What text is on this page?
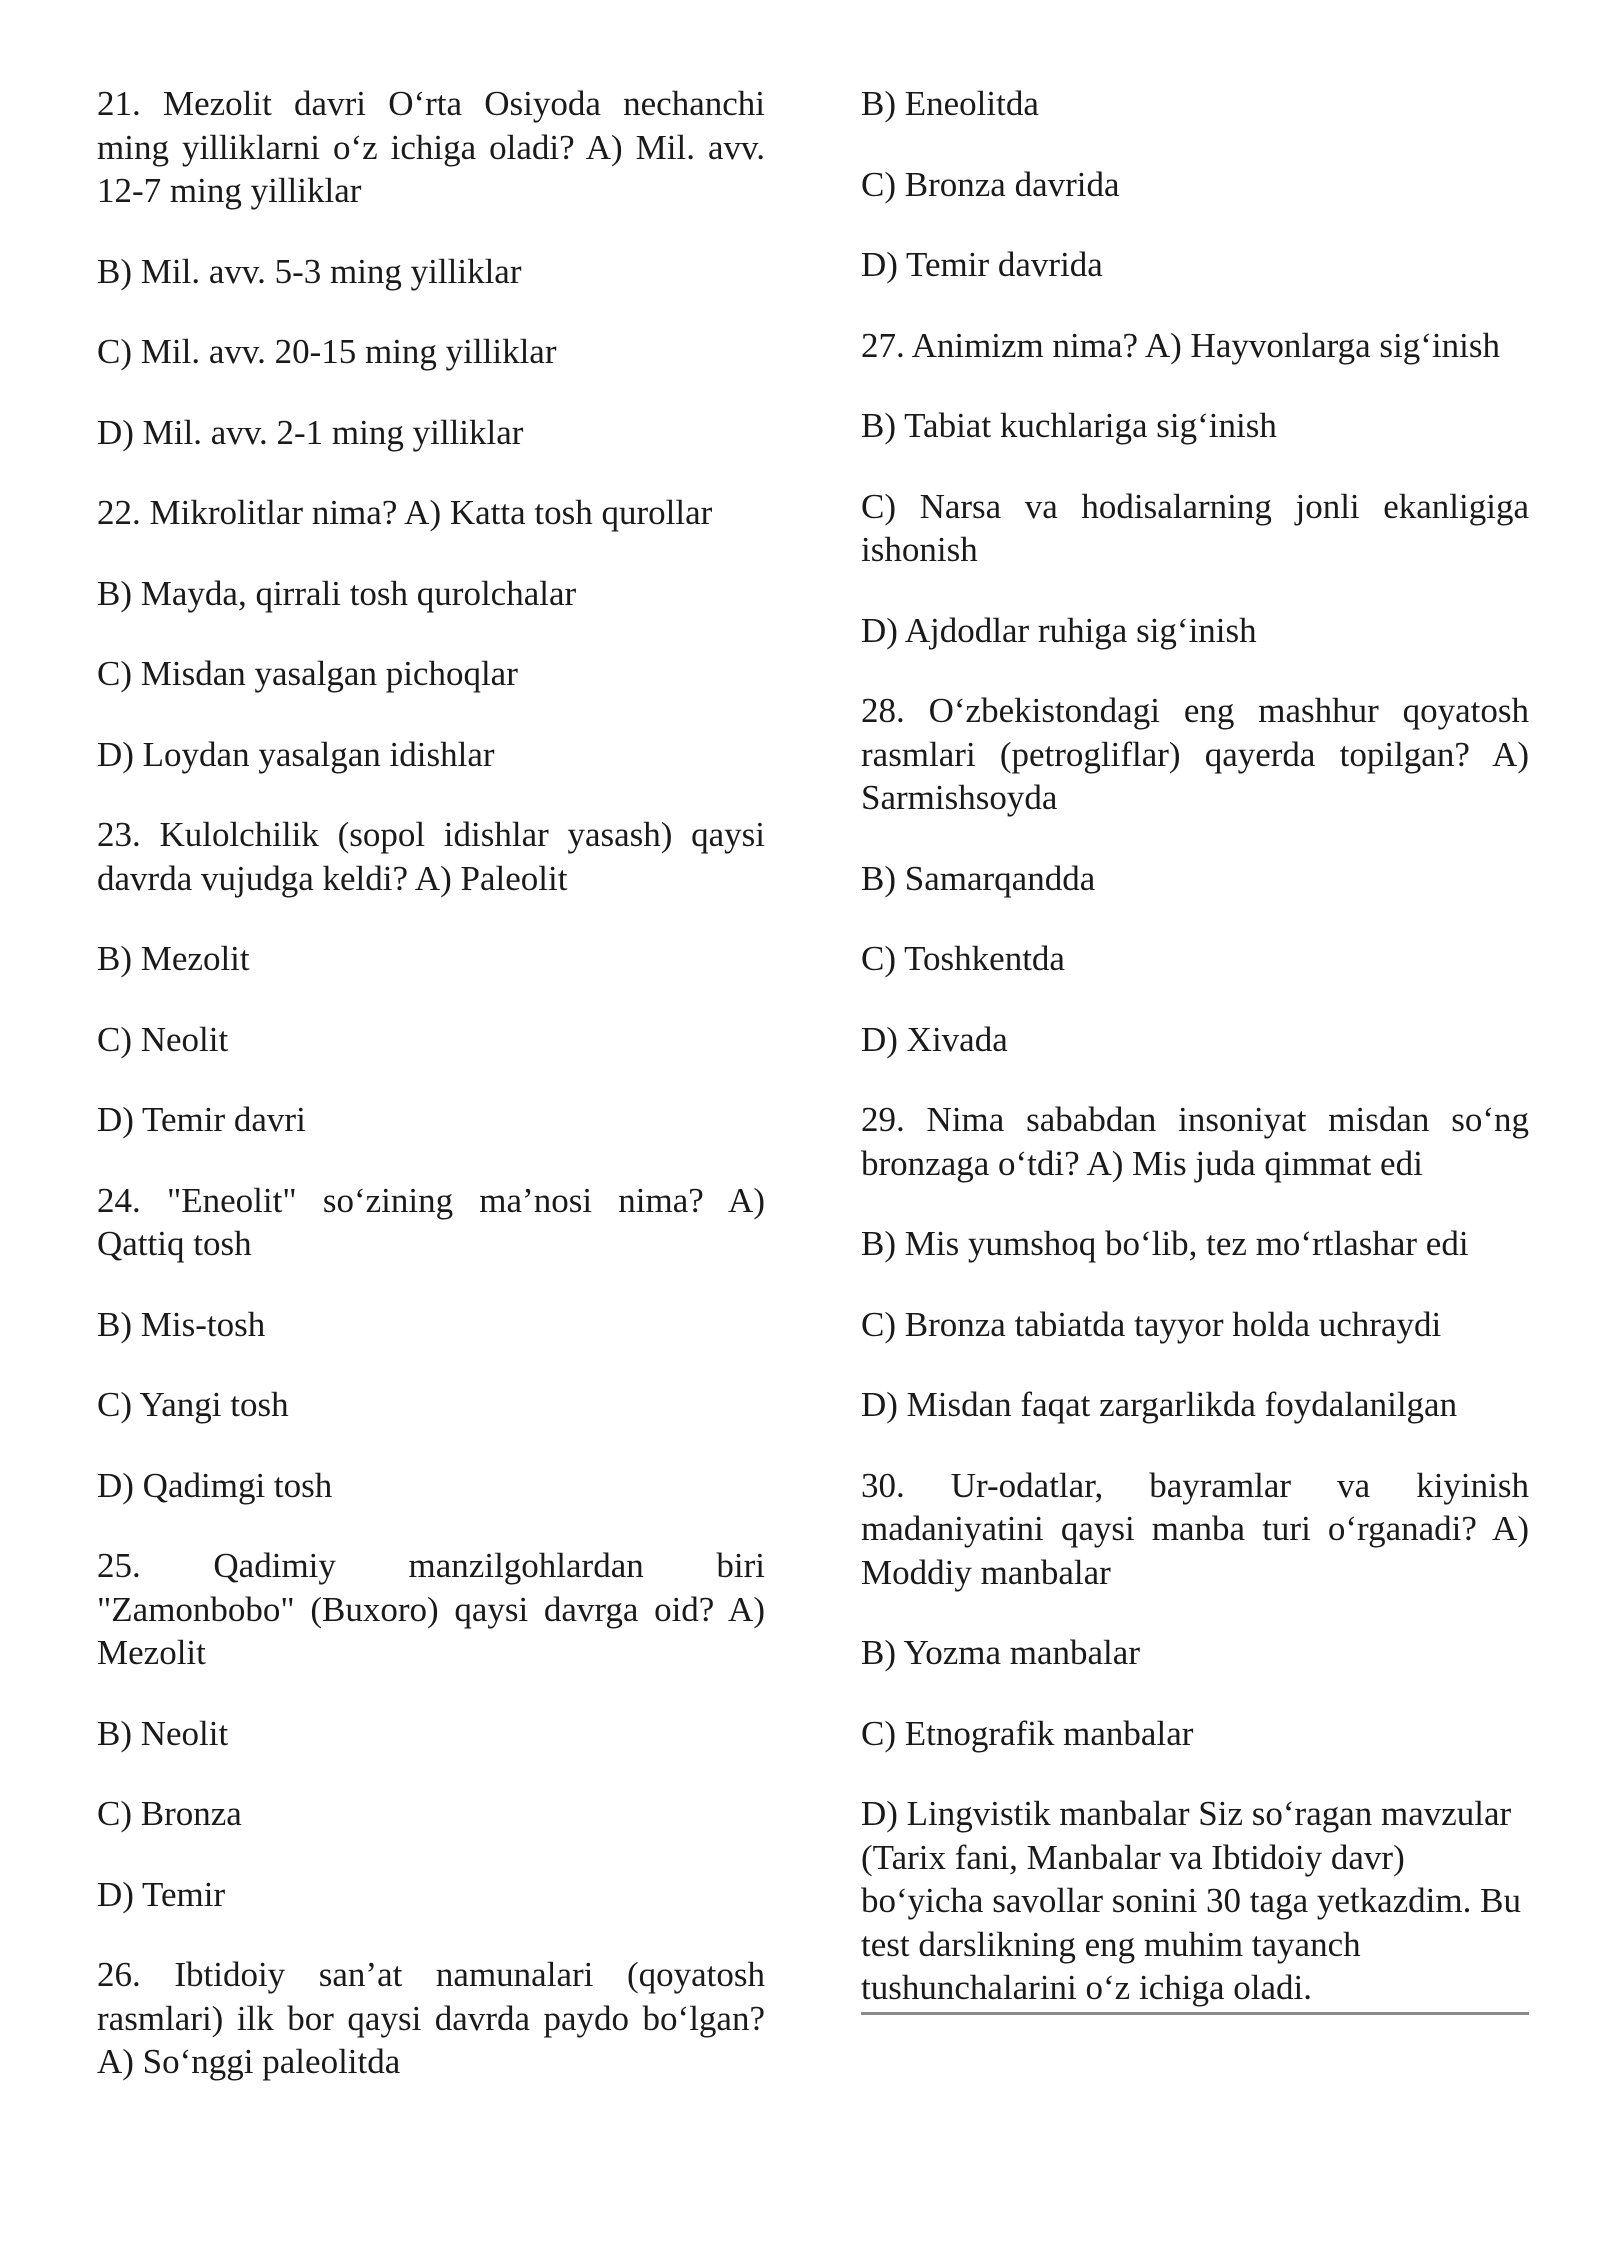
21. Mezolit davri O‘rta Osiyoda nechanchi ming yilliklarni o‘z ichiga oladi? A) Mil. avv. 12-7 ming yilliklar

B) Mil. avv. 5-3 ming yilliklar

C) Mil. avv. 20-15 ming yilliklar

D) Mil. avv. 2-1 ming yilliklar

22. Mikrolitlar nima? A) Katta tosh qurollar

B) Mayda, qirrali tosh qurolchalar

C) Misdan yasalgan pichoqlar

D) Loydan yasalgan idishlar

23. Kulolchilik (sopol idishlar yasash) qaysi davrda vujudga keldi? A) Paleolit

B) Mezolit

C) Neolit

D) Temir davri

24. "Eneolit" so‘zining ma’nosi nima? A) Qattiq tosh

B) Mis-tosh

C) Yangi tosh

D) Qadimgi tosh

25. Qadimiy manzilgohlardan biri "Zamonbobo" (Buxoro) qaysi davrga oid? A) Mezolit

B) Neolit

C) Bronza

D) Temir

26. Ibtidoiy san’at namunalari (qoyatosh rasmlari) ilk bor qaysi davrda paydo bo‘lgan? A) So‘nggi paleolitda

B) Eneolitda

C) Bronza davrida

D) Temir davrida

27. Animizm nima? A) Hayvonlarga sig‘inish

B) Tabiat kuchlariga sig‘inish

C) Narsa va hodisalarning jonli ekanligiga ishonish

D) Ajdodlar ruhiga sig‘inish

28. O‘zbekistondagi eng mashhur qoyatosh rasmlari (petrogliflar) qayerda topilgan? A) Sarmishsoyda

B) Samarqandda

C) Toshkentda

D) Xivada

29. Nima sababdan insoniyat misdan so‘ng bronzaga o‘tdi? A) Mis juda qimmat edi

B) Mis yumshoq bo‘lib, tez mo‘rtlashar edi

C) Bronza tabiatda tayyor holda uchraydi

D) Misdan faqat zargarlikda foydalanilgan

30. Ur-odatlar, bayramlar va kiyinish madaniyatini qaysi manba turi o‘rganadi? A) Moddiy manbalar

B) Yozma manbalar

C) Etnografik manbalar

D) Lingvistik manbalar Siz so‘ragan mavzular (Tarix fani, Manbalar va Ibtidoiy davr) bo‘yicha savollar sonini 30 taga yetkazdim. Bu test darslikning eng muhim tayanch tushunchalarini o‘z ichiga oladi.
